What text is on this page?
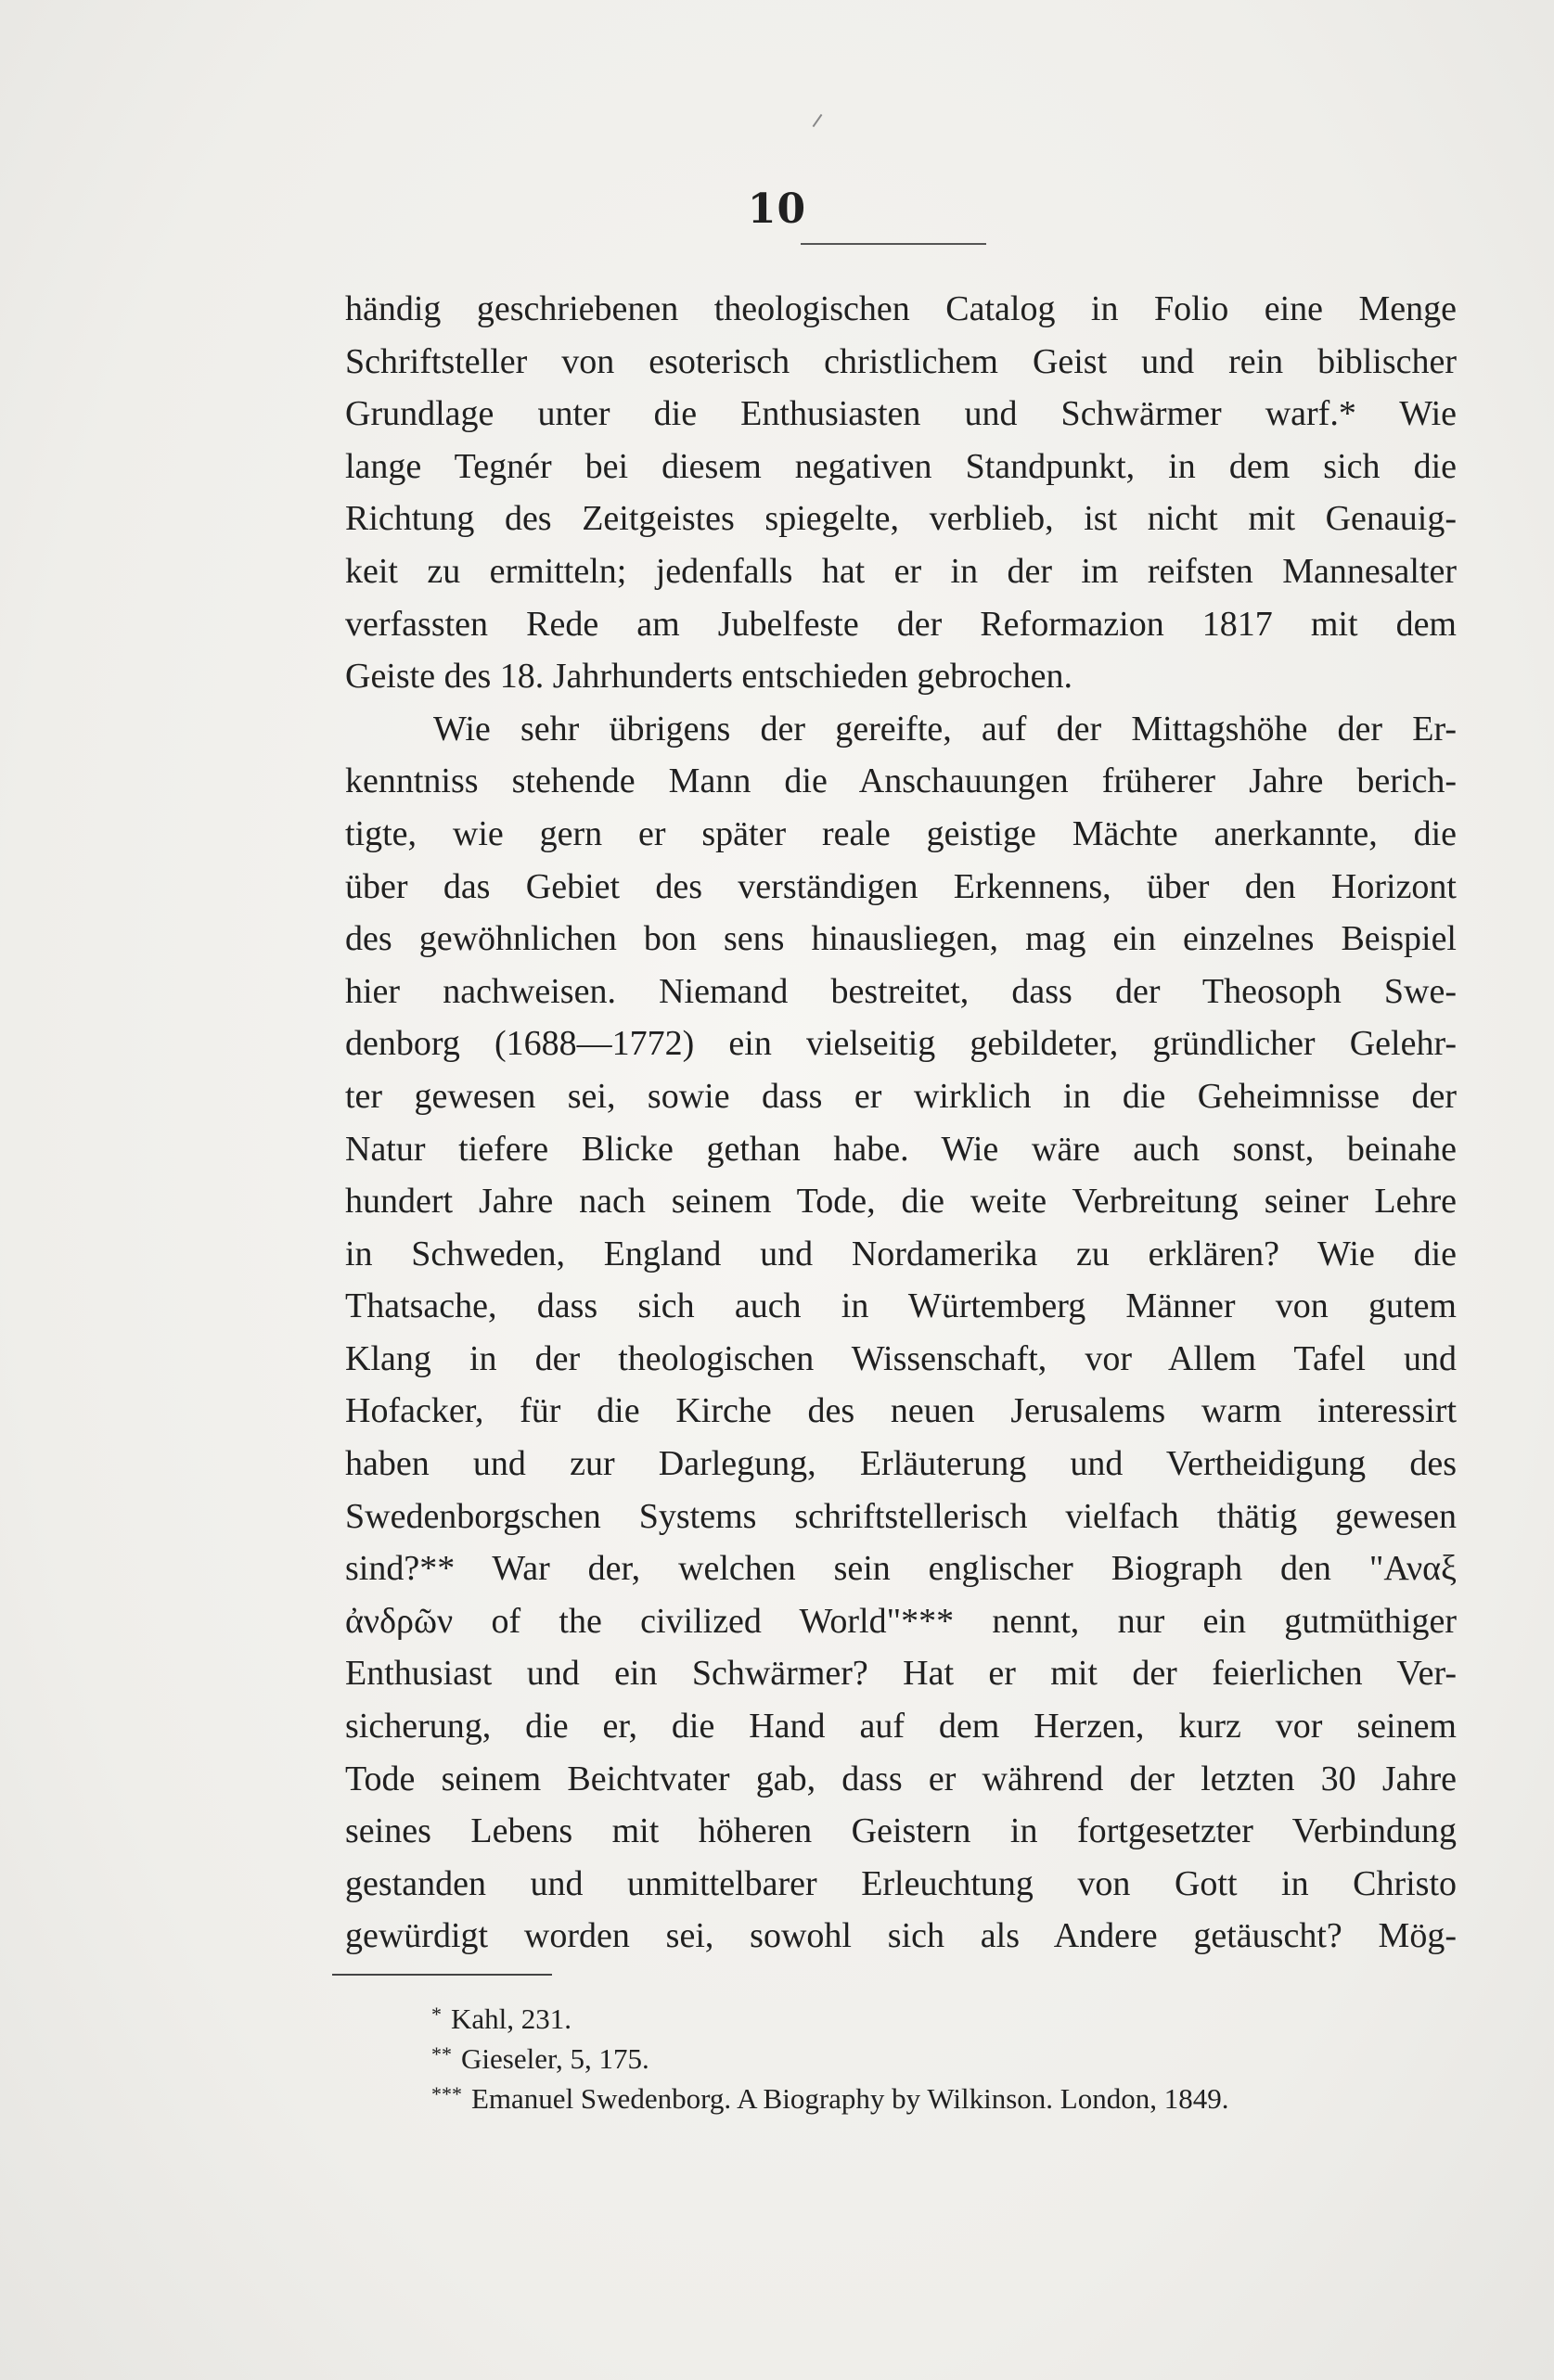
10
händig geschriebenen theologischen Catalog in Folio eine Menge
Schriftsteller von esoterisch christlichem Geist und rein biblischer
Grundlage unter die Enthusiasten und Schwärmer warf.* Wie
lange Tegnér bei diesem negativen Standpunkt, in dem sich die
Richtung des Zeitgeistes spiegelte, verblieb, ist nicht mit Genauig-
keit zu ermitteln; jedenfalls hat er in der im reifsten Mannesalter
verfassten Rede am Jubelfeste der Reformazion 1817 mit dem
Geiste des 18. Jahrhunderts entschieden gebrochen.
Wie sehr übrigens der gereifte, auf der Mittagshöhe der Er-
kenntniss stehende Mann die Anschauungen früherer Jahre berich-
tigte, wie gern er später reale geistige Mächte anerkannte, die
über das Gebiet des verständigen Erkennens, über den Horizont
des gewöhnlichen bon sens hinausliegen, mag ein einzelnes Beispiel
hier nachweisen. Niemand bestreitet, dass der Theosoph Swe-
denborg (1688—1772) ein vielseitig gebildeter, gründlicher Gelehr-
ter gewesen sei, sowie dass er wirklich in die Geheimnisse der
Natur tiefere Blicke gethan habe. Wie wäre auch sonst, beinahe
hundert Jahre nach seinem Tode, die weite Verbreitung seiner Lehre
in Schweden, England und Nordamerika zu erklären? Wie die
Thatsache, dass sich auch in Würtemberg Männer von gutem
Klang in der theologischen Wissenschaft, vor Allem Tafel und
Hofacker, für die Kirche des neuen Jerusalems warm interessirt
haben und zur Darlegung, Erläuterung und Vertheidigung des
Swedenborgschen Systems schriftstellerisch vielfach thätig gewesen
sind?** War der, welchen sein englischer Biograph den "Αναξ
ἀνδρῶν of the civilized World"*** nennt, nur ein gutmüthiger
Enthusiast und ein Schwärmer? Hat er mit der feierlichen Ver-
sicherung, die er, die Hand auf dem Herzen, kurz vor seinem
Tode seinem Beichtvater gab, dass er während der letzten 30 Jahre
seines Lebens mit höheren Geistern in fortgesetzter Verbindung
gestanden und unmittelbarer Erleuchtung von Gott in Christo
gewürdigt worden sei, sowohl sich als Andere getäuscht? Mög-
* Kahl, 231.
** Gieseler, 5, 175.
*** Emanuel Swedenborg. A Biography by Wilkinson. London, 1849.
